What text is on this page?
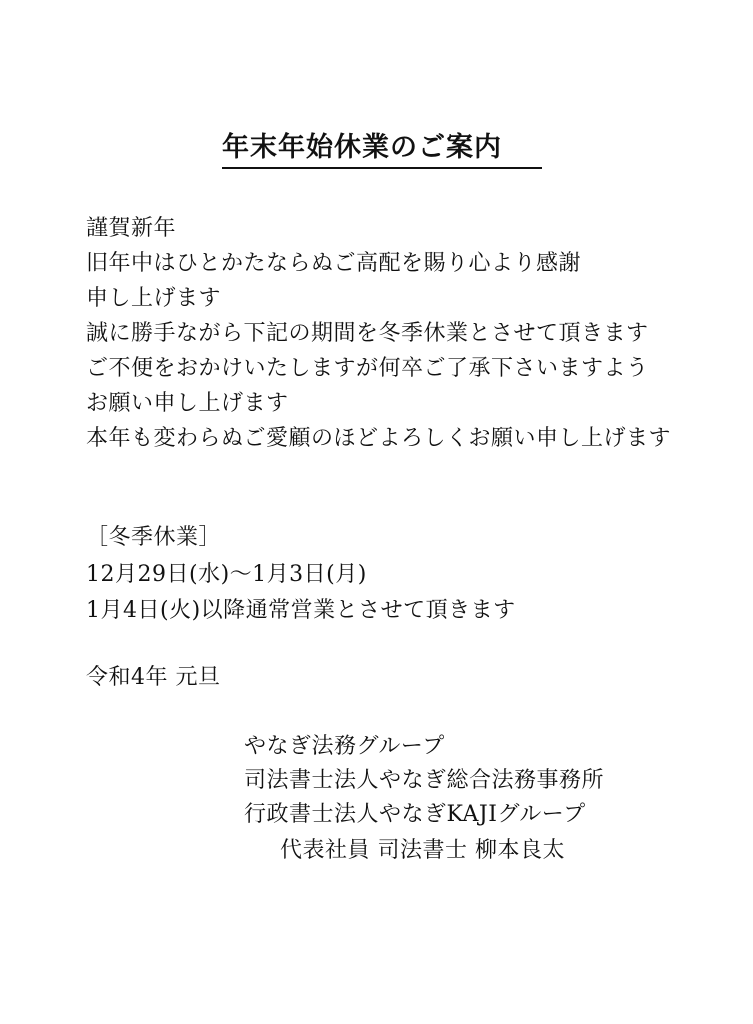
年末年始休業のご案内
謹賀新年
旧年中はひとかたならぬご高配を賜り心より感謝
申し上げます
誠に勝手ながら下記の期間を冬季休業とさせて頂きます
ご不便をおかけいたしますが何卒ご了承下さいますよう
お願い申し上げます
本年も変わらぬご愛顧のほどよろしくお願い申し上げます
［冬季休業］
12月29日(水)～1月3日(月)
1月4日(火)以降通常営業とさせて頂きます
令和4年 元旦
やなぎ法務グループ
司法書士法人やなぎ総合法務事務所
行政書士法人やなぎKAJIグループ
代表社員 司法書士 柳本良太
